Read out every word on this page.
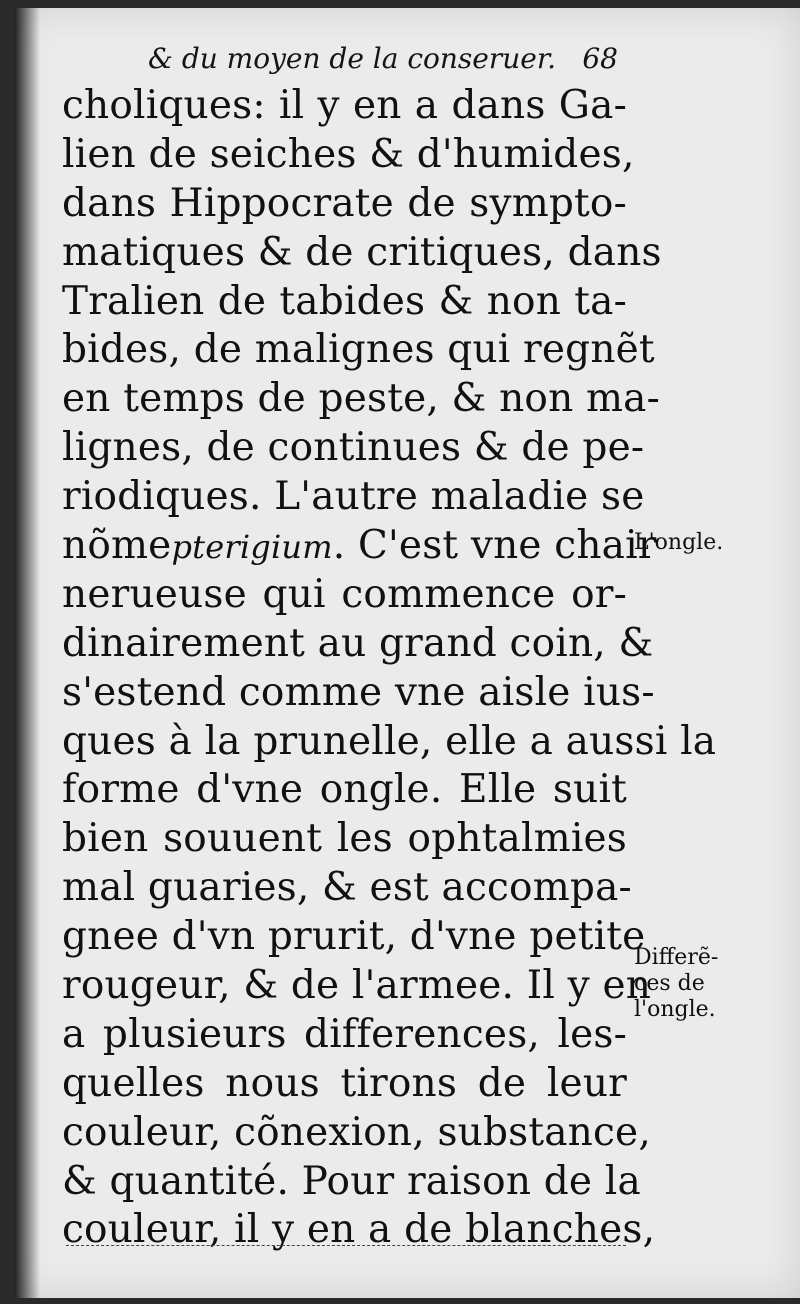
& du moyen de la conseruer. 68
choliques: il y en a dans Ga-
lien de seiches & d'humides,
dans Hippocrate de sympto-
matiques & de critiques, dans
Tralien de tabides & non ta-
bides, de malignes qui regnẽt
en temps de peste, & non ma-
lignes, de continues & de pe-
riodiques. L'autre maladie se
nõmepterigium. C'est vne chair
nerueuse qui commence or-
dinairement au grand coin, &
s'estend comme vne aisle ius-
ques à la prunelle, elle a aussi la
forme d'vne ongle. Elle suit
bien souuent les ophtalmies
mal guaries, & est accompa-
gnee d'vn prurit, d'vne petite
rougeur, & de l'armee. Il y en
a plusieurs differences, les-
quelles nous tirons de leur
couleur, cõnexion, substance,
& quantité. Pour raison de la
couleur, il y en a de blanches,
L'ongle.
Differẽ-
ces de
l'ongle.
